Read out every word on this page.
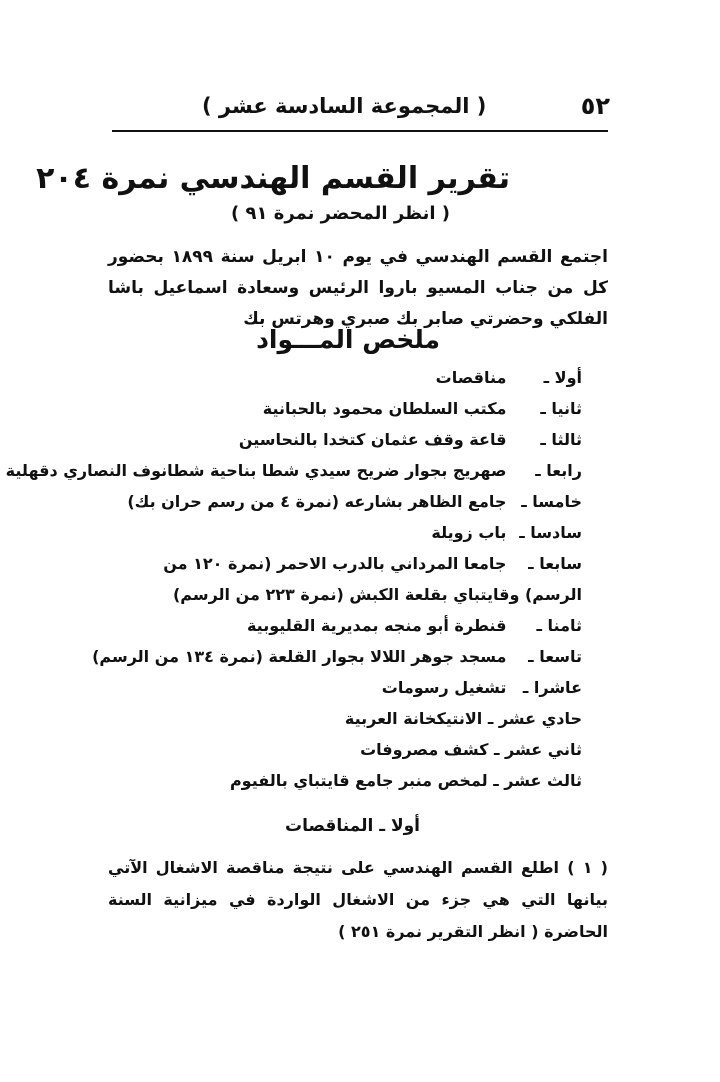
٥٢
( المجموعة السادسة عشر )
تقرير القسم الهندسي نمرة ٢٠٤
( انظر المحضر نمرة ٩١ )

اجتمع القسم الهندسي في يوم ١٠ ابريل سنة ١٨٩٩ بحضور كل من جناب المسيو باروا الرئيس وسعادة اسماعيل باشا الفلكي وحضرتي صابر بك صبري وهرتس بك

ملخص المـــواد
أولا ـ مناقصات
ثانيا ـ مكتب السلطان محمود بالحبانية
ثالثا ـ قاعة وقف عثمان كتخدا بالنحاسين
رابعا ـ صهريج بجوار ضريح سيدي شطا بناحية شطانوف النصاري دقهلية
خامسا ـ جامع الظاهر بشارعه (نمرة ٤ من رسم حران بك)
سادسا ـ باب زويلة
سابعا ـ جامعا المرداني بالدرب الاحمر (نمرة ١٢٠ من الرسم) وقايتباي بقلعة الكبش (نمرة ٢٢٣ من الرسم)
ثامنا ـ قنطرة أبو منجه بمديرية القليوبية
تاسعا ـ مسجد جوهر اللالا بجوار القلعة (نمرة ١٣٤ من الرسم)
عاشرا ـ تشغيل رسومات
حادي عشر ـ الانتيكخانة العربية
ثاني عشر ـ كشف مصروفات
ثالث عشر ـ لمخص منبر جامع قايتباي بالفيوم
أولا ـ المناقصات

( ١ ) اطلع القسم الهندسي على نتيجة مناقصة الاشغال الآتي بيانها التي هي جزء من الاشغال الواردة في ميزانية السنة الحاضرة ( انظر التقرير نمرة ٢٥١ )
